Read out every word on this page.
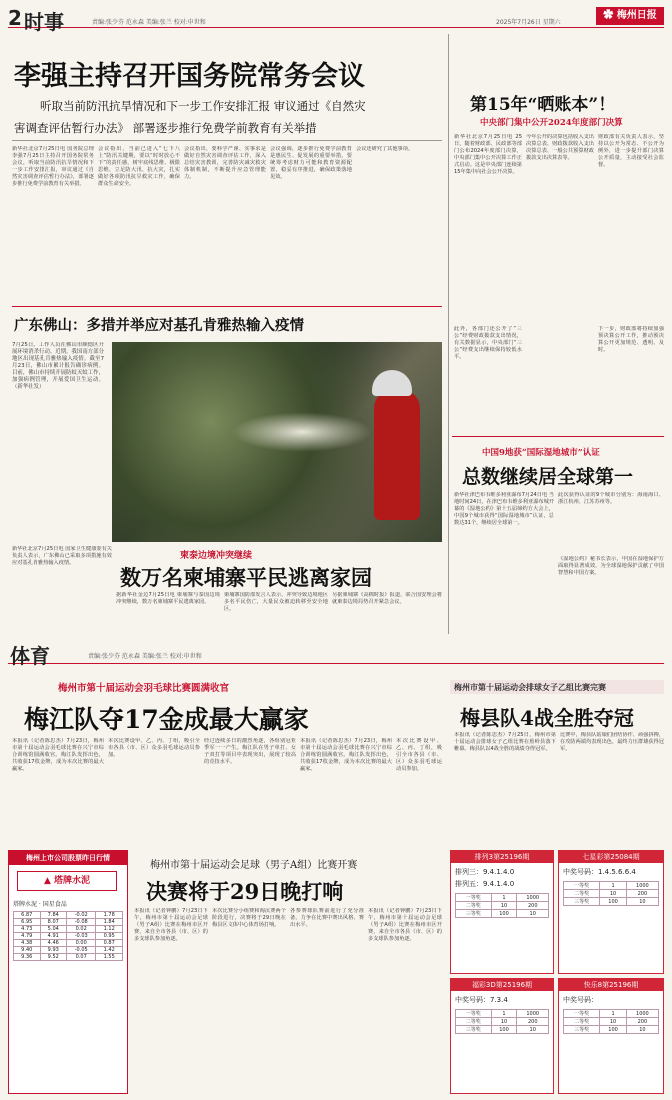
2 时事	责编:张少芬 范永森 美编:张兰 校对:申世和	2025年7月26日 星期六
✿ 梅州日报
李强主持召开国务院常务会议
听取当前防汛抗旱情况和下一步工作安排汇报 审议通过《自然灾
害调查评估暂行办法》 部署逐步推行免费学前教育有关举措
新华社北京7月25日电 国务院总理李强7月25日主持召开国务院常务会议，听取当前防汛抗旱情况和下一步工作安排汇报，审议通过《自然灾害调查评估暂行办法》，部署逐步推行免费学前教育有关举措。
会议指出，当前已进入“七下八上”防汛关键期，要以“时时放心不下”的责任感，树牢底线思维、极限思维，立足防大汛、抗大灾，扎实做好各项防汛抗旱救灾工作，确保群众生命安全。
会议指出，要科学严谨、实事求是做好自然灾害调查评估工作，深入总结灾害教训，完善防灾减灾救灾体制机制，不断提升应急管理能力。
会议强调，逐步推行免费学前教育是惠民生、促发展的重要举措，要统筹考虑财力可能和教育资源配置，稳妥有序推进，确保政策落地见效。
会议还研究了其他事项。
广东佛山：多措并举应对基孔肯雅热输入疫情
7月25日，工作人员在佛山市顺德区开展环境消杀行动。近期，我国南方部分地区出现基孔肯雅热输入疫情。截至7月23日，佛山市累计报告确诊病例。目前，佛山市持续开展防蚊灭蚊工作，加强病例管理，开展爱国卫生运动。（新华社发）
新华社北京7月25日电 国家卫生健康委有关负责人表示，广东佛山已采取多项措施有效应对基孔肯雅热输入疫情。
柬泰边境冲突继续
数万名柬埔寨平民逃离家园
据新华社金边7月25日电 柬埔寨与泰国边境冲突继续，数万名柬埔寨平民逃离家园。
柬埔寨国防部发言人表示，冲突导致边境地区多名平民伤亡，大量民众被迫转移至安全地区。
另据柬埔寨《高棉时报》报道，联合国安理会将就柬泰边境局势召开紧急会议。
第15年“晒账本”！
中央部门集中公开2024年度部门决算
新华社北京7月25日电 25日，随着财政部、民政部等部门公布2024年度部门决算，中央部门集中公开决算工作正式启动。这是中央部门连续第15年集中向社会公开决算。
今年公开的决算包括收入支出决算总表、财政拨款收入支出决算总表、一般公共预算财政拨款支出决算表等。
财政部有关负责人表示，坚持以公开为常态、不公开为例外，进一步提升部门决算公开质量，主动接受社会监督。
此外，各部门还公开了“三公”经费财政拨款支出情况，有关数据显示，中央部门“三公”经费支出继续保持较低水平。
下一步，财政部将持续加强预决算公开工作，推动预决算公开更加规范、透明、及时。
中国9地获“国际湿地城市”认证
总数继续居全球第一
新华社津巴布韦维多利亚瀑布7月24日电 当地时间24日，在津巴布韦维多利亚瀑布城开幕的《湿地公约》第十五届缔约方大会上，中国9个城市获得“国际湿地城市”认证，总数达31个，继续居全球第一。
此次获得认证的9个城市分别为：海南海口、浙江杭州、江苏苏州等。
《湿地公约》秘书长表示，中国在湿地保护方面取得显著成效，为全球湿地保护贡献了中国智慧和中国方案。
体育	责编:张少芬 范永森 美编:张兰 校对:申世和
梅州市第十届运动会羽毛球比赛圆满收官
梅江队夺17金成最大赢家
本报讯（记者陈思杰）7月23日，梅州市第十届运动会羽毛球比赛在兴宁市综合训练馆圆满收官。梅江队发挥出色，共收获17枚金牌，成为本次比赛的最大赢家。
本次比赛设甲、乙、丙、丁组，吸引全市各县（市、区）众多羽毛球运动员参加。
经过连续多日的激烈角逐，各组别冠亚季军一一产生。梅江队在男子单打、女子双打等项目中表现突出，展现了较高的竞技水平。
本报讯（记者陈思杰）7月23日，梅州市第十届运动会羽毛球比赛在兴宁市综合训练馆圆满收官。梅江队发挥出色，共收获17枚金牌，成为本次比赛的最大赢家。
本次比赛设甲、乙、丙、丁组，吸引全市各县（市、区）众多羽毛球运动员参加。
梅州市第十届运动会排球女子乙组比赛完赛
梅县队4战全胜夺冠
本报讯（记者陈思杰）7月25日，梅州市第十届运动会排球女子乙组比赛在蕉岭县落下帷幕。梅县队以4战全胜的战绩夺得冠军。
比赛中，梅县队姑娘们团结协作、顽强拼搏，在攻防两端均表现出色，最终力压群雄获得冠军。
梅州上市公司股票昨日行情
▲ 塔牌水泥
塔牌水泥 · 国星食品
6.87	7.84	-0.02	1.78
6.95	8.07	-0.08	1.84
4.73	5.04	0.02	1.12
4.79	4.91	-0.03	0.95
4.38	4.46	0.00	0.87
9.40	9.93	-0.05	1.42
9.36	9.52	0.07	1.55
梅州市第十届运动会足球（男子A组）比赛开赛
决赛将于29日晚打响
本报讯（记者钟鹏）7月23日下午，梅州市第十届运动会足球（男子A组）比赛在梅州市区开赛，来自全市各县（市、区）的多支球队参加角逐。
本次比赛分小组赛和淘汰赛两个阶段进行，决赛将于29日晚在梅县区文体中心体育场打响。
各参赛球队赛前进行了充分准备，力争在比赛中赛出风格、赛出水平。
本报讯（记者钟鹏）7月23日下午，梅州市第十届运动会足球（男子A组）比赛在梅州市区开赛，来自全市各县（市、区）的多支球队参加角逐。
排列3第25196期
排列三：9.4.1.4.0
排列五：9.4.1.4.0
一等奖	1	1000
二等奖	10	200
三等奖	100	10
七星彩第25084期
中奖号码：1.4.5.6.6.4
一等奖	1	1000
二等奖	10	200
三等奖	100	10
福彩3D第25196期
中奖号码：7.3.4
一等奖	1	1000
二等奖	10	200
三等奖	100	10
快乐8第25196期
中奖号码：
一等奖	1	1000
二等奖	10	200
三等奖	100	10
